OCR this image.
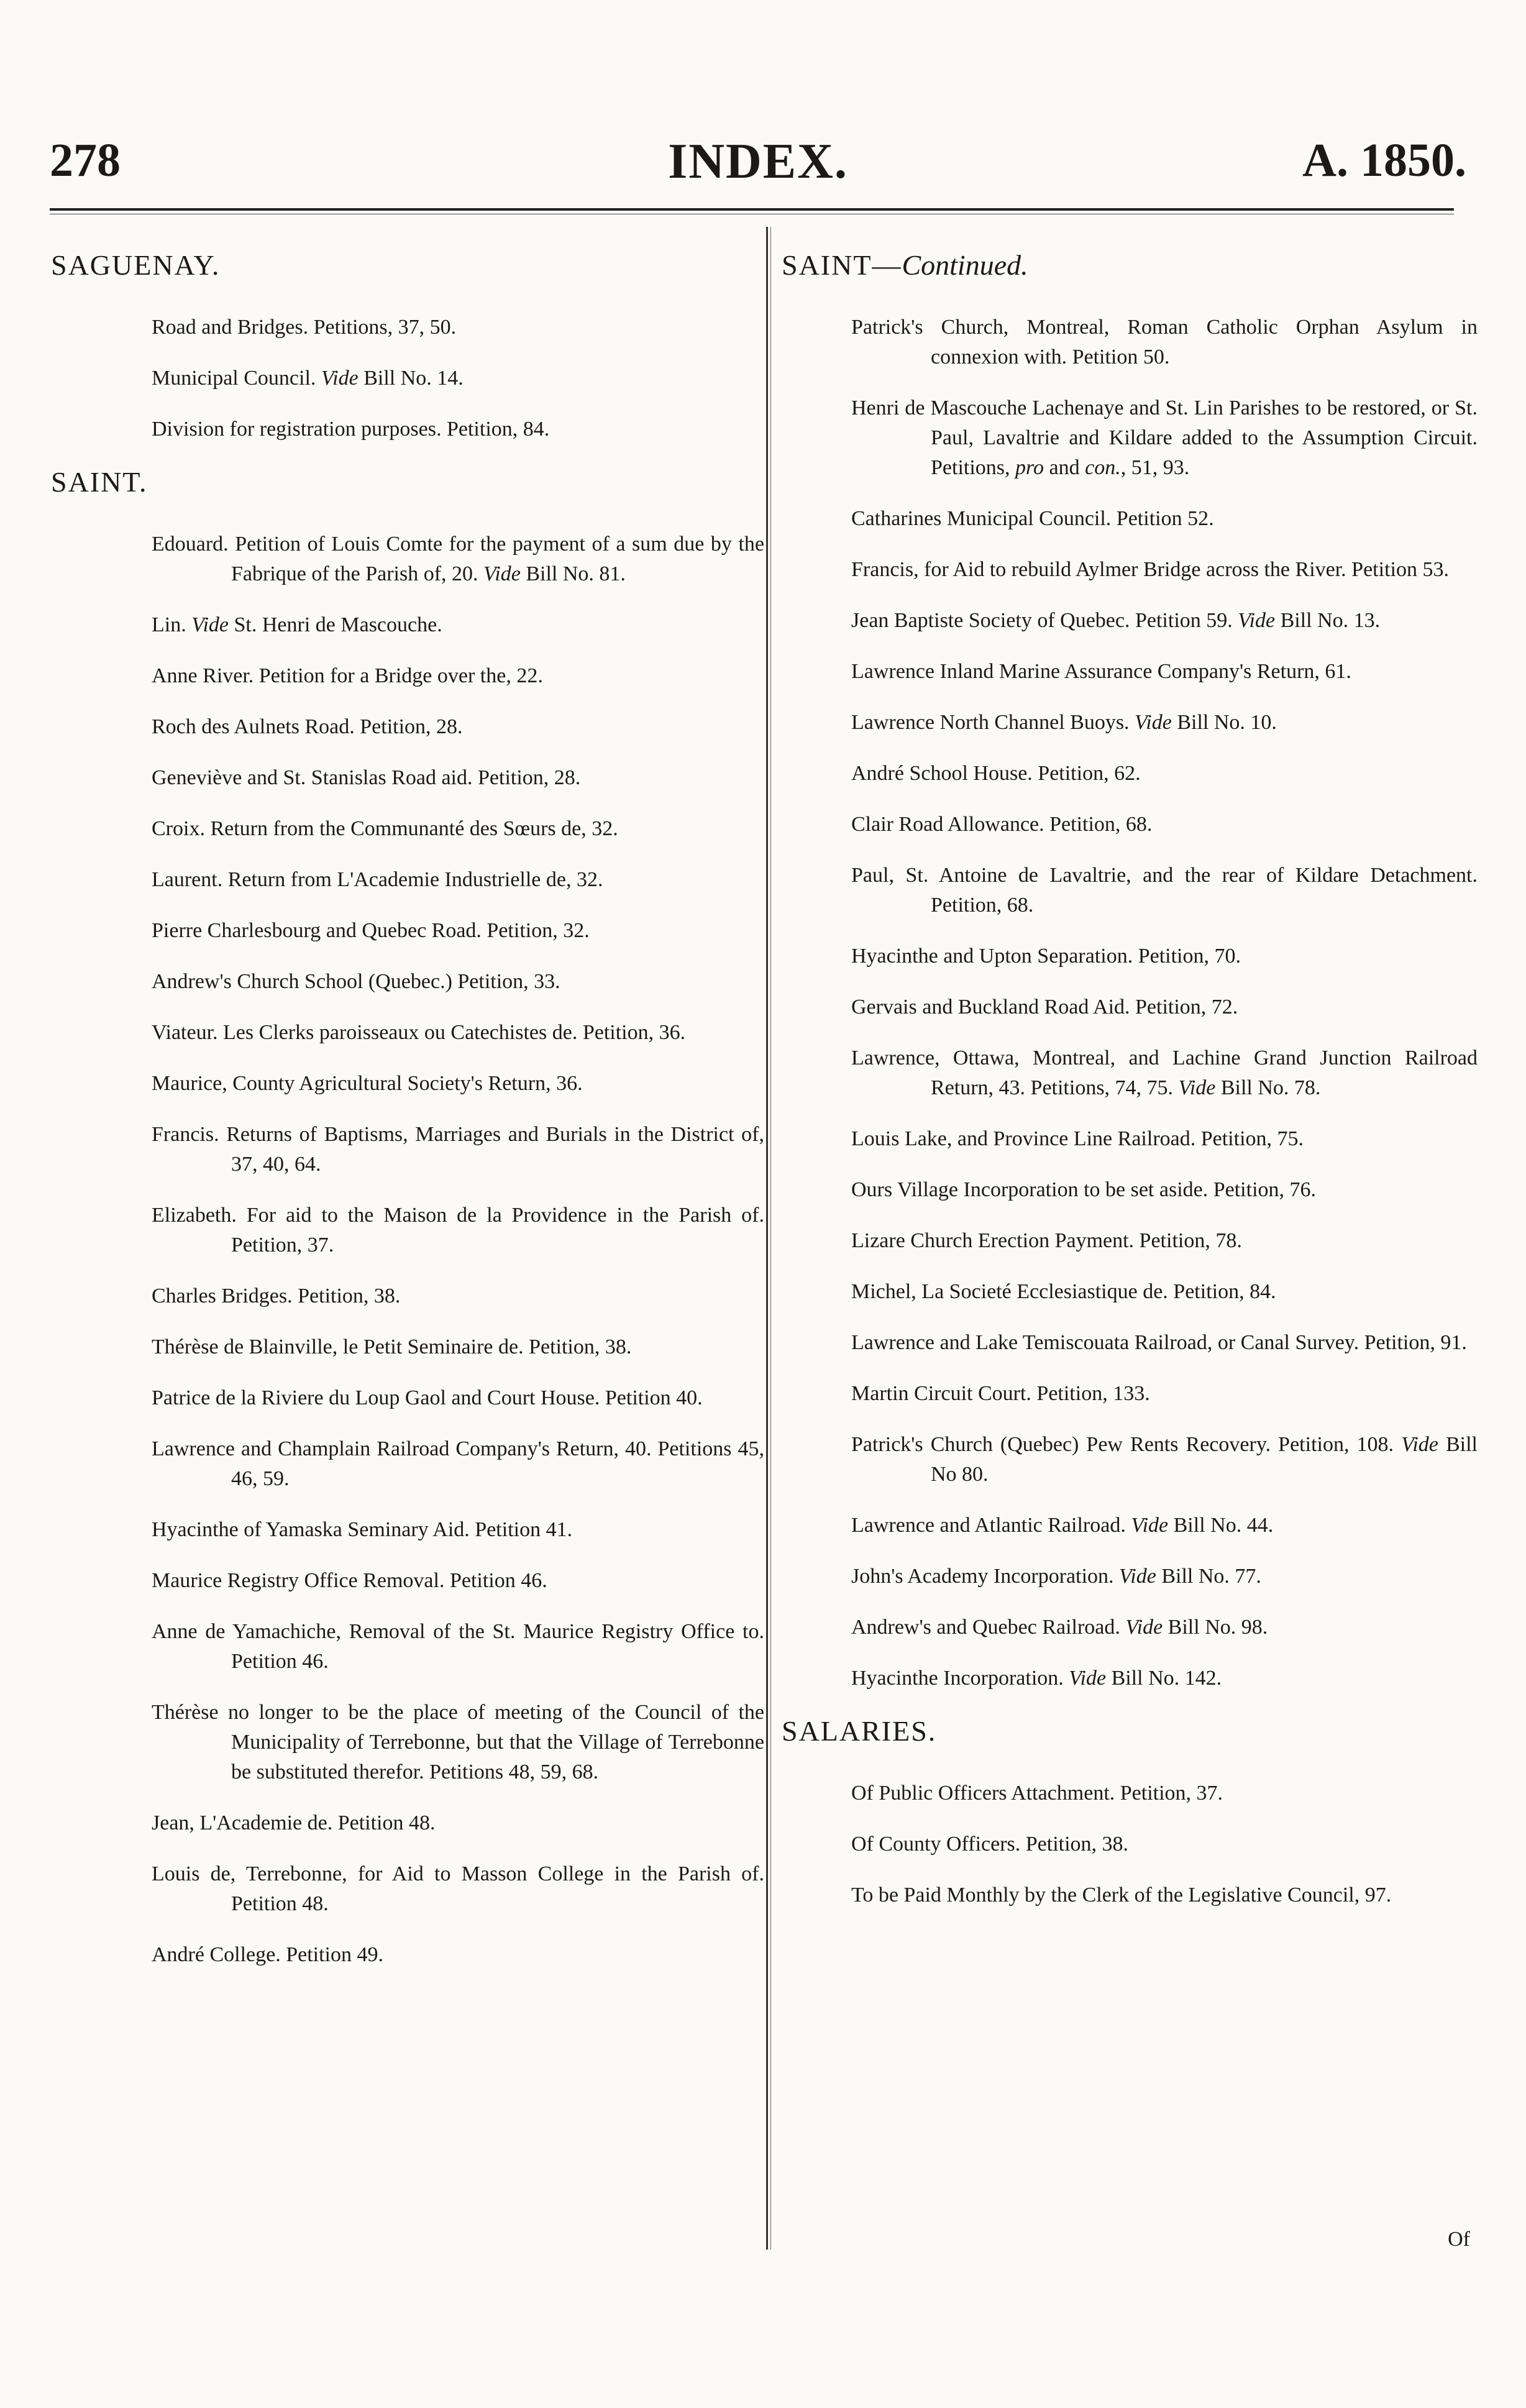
278	INDEX.	A. 1850.
SAGUENAY.
Road and Bridges. Petitions, 37, 50.
Municipal Council. Vide Bill No. 14.
Division for registration purposes. Petition, 84.
SAINT.
Edouard. Petition of Louis Comte for the payment of a sum due by the Fabrique of the Parish of, 20. Vide Bill No. 81.
Lin. Vide St. Henri de Mascouche.
Anne River. Petition for a Bridge over the, 22.
Roch des Aulnets Road. Petition, 28.
Geneviève and St. Stanislas Road aid. Petition, 28.
Croix. Return from the Communanté des Sœurs de, 32.
Laurent. Return from L'Academie Industrielle de, 32.
Pierre Charlesbourg and Quebec Road. Petition, 32.
Andrew's Church School (Quebec.) Petition, 33.
Viateur. Les Clerks paroisseaux ou Catechistes de. Petition, 36.
Maurice, County Agricultural Society's Return, 36.
Francis. Returns of Baptisms, Marriages and Burials in the District of, 37, 40, 64.
Elizabeth. For aid to the Maison de la Providence in the Parish of. Petition, 37.
Charles Bridges. Petition, 38.
Thérèse de Blainville, le Petit Seminaire de. Petition, 38.
Patrice de la Riviere du Loup Gaol and Court House. Petition 40.
Lawrence and Champlain Railroad Company's Return, 40. Petitions 45, 46, 59.
Hyacinthe of Yamaska Seminary Aid. Petition 41.
Maurice Registry Office Removal. Petition 46.
Anne de Yamachiche, Removal of the St. Maurice Registry Office to. Petition 46.
Thérèse no longer to be the place of meeting of the Council of the Municipality of Terrebonne, but that the Village of Terrebonne be substituted therefor. Petitions 48, 59, 68.
Jean, L'Academie de. Petition 48.
Louis de, Terrebonne, for Aid to Masson College in the Parish of. Petition 48.
André College. Petition 49.
SAINT—Continued.
Patrick's Church, Montreal, Roman Catholic Orphan Asylum in connexion with. Petition 50.
Henri de Mascouche Lachenaye and St. Lin Parishes to be restored, or St. Paul, Lavaltrie and Kildare added to the Assumption Circuit. Petitions, pro and con., 51, 93.
Catharines Municipal Council. Petition 52.
Francis, for Aid to rebuild Aylmer Bridge across the River. Petition 53.
Jean Baptiste Society of Quebec. Petition 59. Vide Bill No. 13.
Lawrence Inland Marine Assurance Company's Return, 61.
Lawrence North Channel Buoys. Vide Bill No. 10.
André School House. Petition, 62.
Clair Road Allowance. Petition, 68.
Paul, St. Antoine de Lavaltrie, and the rear of Kildare Detachment. Petition, 68.
Hyacinthe and Upton Separation. Petition, 70.
Gervais and Buckland Road Aid. Petition, 72.
Lawrence, Ottawa, Montreal, and Lachine Grand Junction Railroad Return, 43. Petitions, 74, 75. Vide Bill No. 78.
Louis Lake, and Province Line Railroad. Petition, 75.
Ours Village Incorporation to be set aside. Petition, 76.
Lizare Church Erection Payment. Petition, 78.
Michel, La Societé Ecclesiastique de. Petition, 84.
Lawrence and Lake Temiscouata Railroad, or Canal Survey. Petition, 91.
Martin Circuit Court. Petition, 133.
Patrick's Church (Quebec) Pew Rents Recovery. Petition, 108. Vide Bill No 80.
Lawrence and Atlantic Railroad. Vide Bill No. 44.
John's Academy Incorporation. Vide Bill No. 77.
Andrew's and Quebec Railroad. Vide Bill No. 98.
Hyacinthe Incorporation. Vide Bill No. 142.
SALARIES.
Of Public Officers Attachment. Petition, 37.
Of County Officers. Petition, 38.
To be Paid Monthly by the Clerk of the Legislative Council, 97.
Of
